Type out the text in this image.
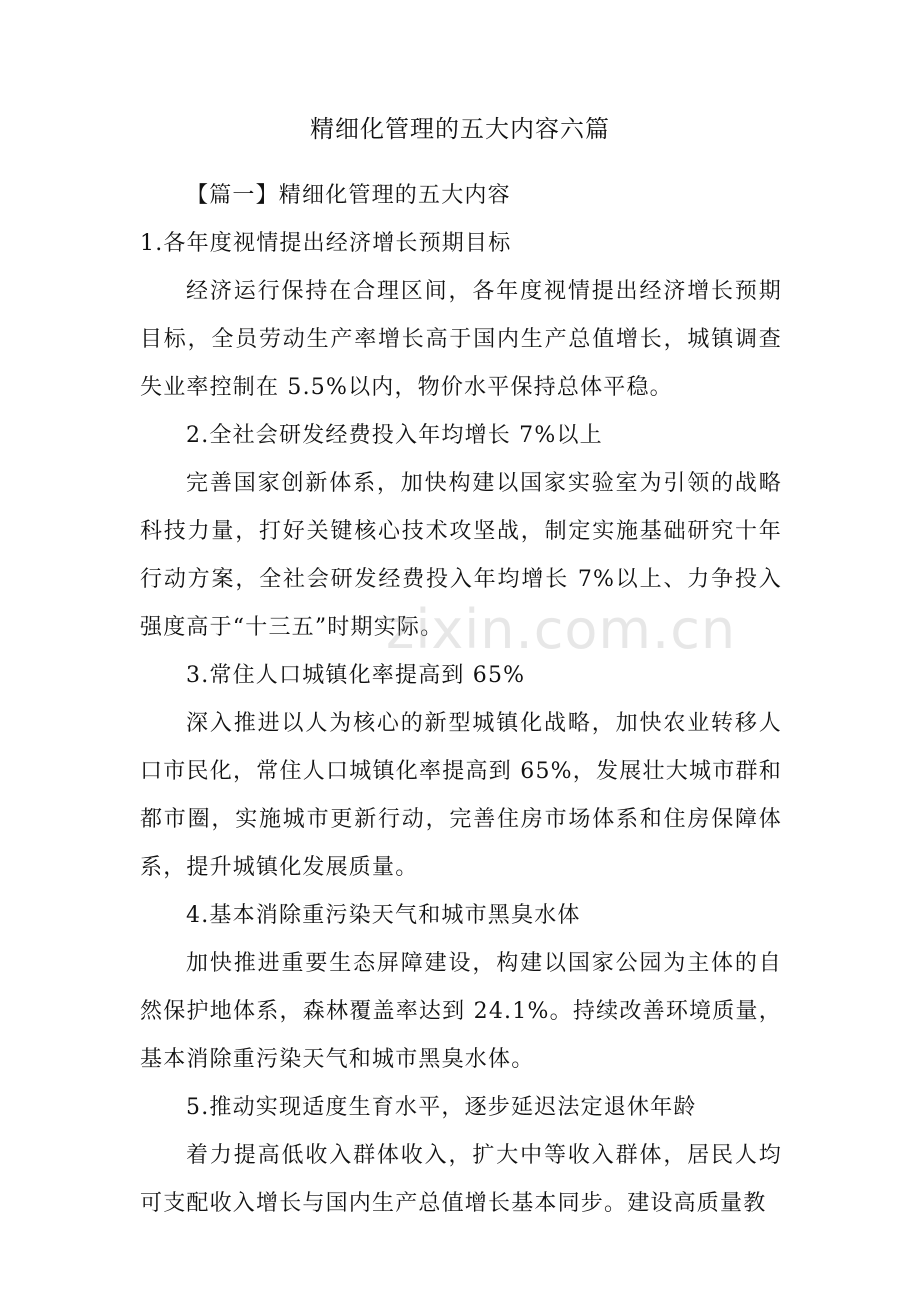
精细化管理的五大内容六篇

【篇一】精细化管理的五大内容

1.各年度视情提出经济增长预期目标

经济运行保持在合理区间，各年度视情提出经济增长预期目标，全员劳动生产率增长高于国内生产总值增长，城镇调查失业率控制在 5.5%以内，物价水平保持总体平稳。

2.全社会研发经费投入年均增长 7%以上

完善国家创新体系，加快构建以国家实验室为引领的战略科技力量，打好关键核心技术攻坚战，制定实施基础研究十年行动方案，全社会研发经费投入年均增长 7%以上、力争投入强度高于“十三五”时期实际。

3.常住人口城镇化率提高到 65%

深入推进以人为核心的新型城镇化战略，加快农业转移人口市民化，常住人口城镇化率提高到 65%，发展壮大城市群和都市圈，实施城市更新行动，完善住房市场体系和住房保障体系，提升城镇化发展质量。

4.基本消除重污染天气和城市黑臭水体

加快推进重要生态屏障建设，构建以国家公园为主体的自然保护地体系，森林覆盖率达到 24.1%。持续改善环境质量，基本消除重污染天气和城市黑臭水体。

5.推动实现适度生育水平，逐步延迟法定退休年龄

着力提高低收入群体收入，扩大中等收入群体，居民人均可支配收入增长与国内生产总值增长基本同步。建设高质量教

zixin.com.cn
